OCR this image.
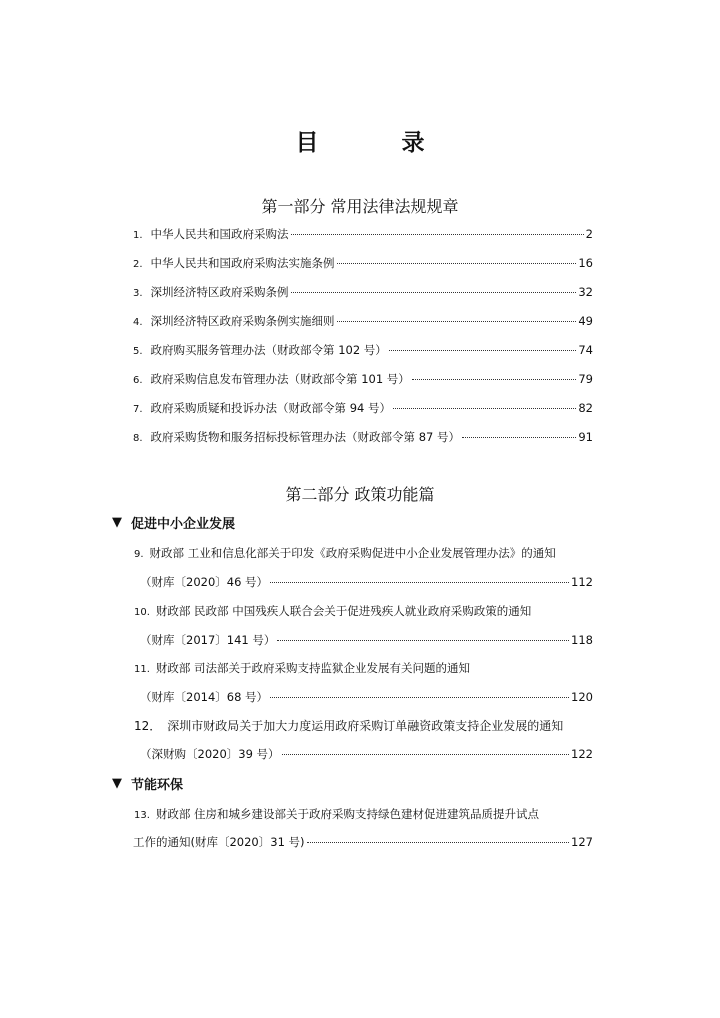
目　录
第一部分 常用法律法规规章
1. 中华人民共和国政府采购法	2
2. 中华人民共和国政府采购法实施条例	16
3. 深圳经济特区政府采购条例	32
4. 深圳经济特区政府采购条例实施细则	49
5. 政府购买服务管理办法（财政部令第 102 号）	74
6. 政府采购信息发布管理办法（财政部令第 101 号）	79
7. 政府采购质疑和投诉办法（财政部令第 94 号）	82
8. 政府采购货物和服务招标投标管理办法（财政部令第 87 号）	91
第二部分 政策功能篇
▼ 促进中小企业发展
9. 财政部 工业和信息化部关于印发《政府采购促进中小企业发展管理办法》的通知
（财库〔2020〕46 号）	112
10. 财政部 民政部 中国残疾人联合会关于促进残疾人就业政府采购政策的通知
（财库〔2017〕141 号）	118
11. 财政部 司法部关于政府采购支持监狱企业发展有关问题的通知
（财库〔2014〕68 号）	120
12． 深圳市财政局关于加大力度运用政府采购订单融资政策支持企业发展的通知
（深财购〔2020〕39 号）	122
▼ 节能环保
13. 财政部 住房和城乡建设部关于政府采购支持绿色建材促进建筑品质提升试点
工作的通知(财库〔2020〕31 号)	127
